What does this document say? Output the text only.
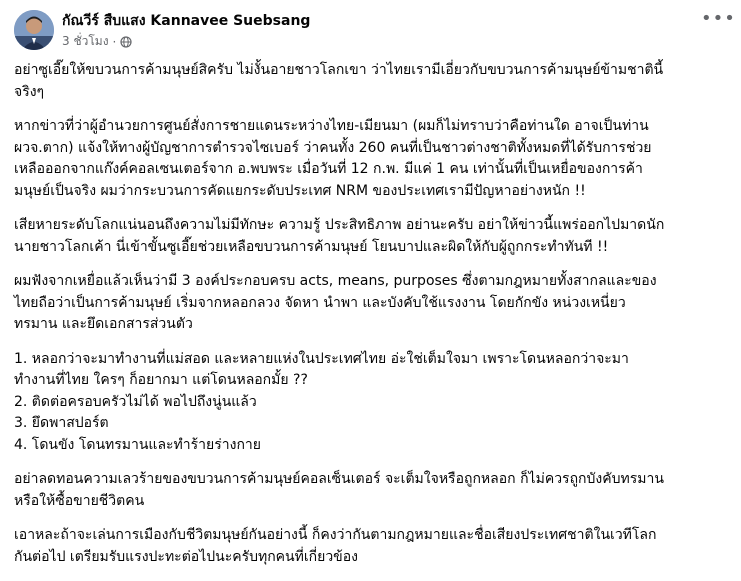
กัณวีร์ สืบแสง Kannavee Suebsang
3 ชั่วโมง ·
•••

อย่าซูเอี๊ยให้ขบวนการค้ามนุษย์สิครับ ไม่งั้นอายชาวโลกเขา ว่าไทยเรามีเอี่ยวกับขบวนการค้ามนุษย์ข้ามชาตินี้
จริงๆ

หากข่าวที่ว่าผู้อำนวยการศูนย์สั่งการชายแดนระหว่างไทย-เมียนมา (ผมก็ไม่ทราบว่าคือท่านใด อาจเป็นท่าน
ผวจ.ตาก) แจ้งให้ทางผู้บัญชาการตำรวจไซเบอร์ ว่าคนทั้ง 260 คนที่เป็นชาวต่างชาติทั้งหมดที่ได้รับการช่วย
เหลือออกจากแก๊งค์คอลเซนเตอร์จาก อ.พบพระ เมื่อวันที่ 12 ก.พ. มีแค่ 1 คน เท่านั้นที่เป็นเหยื่อของการค้า
มนุษย์เป็นจริง ผมว่ากระบวนการคัดแยกระดับประเทศ NRM ของประเทศเรามีปัญหาอย่างหนัก !!

เสียหายระดับโลกแน่นอนถึงความไม่มีทักษะ ความรู้ ประสิทธิภาพ อย่านะครับ อย่าให้ข่าวนี้แพร่ออกไปมาดนัก
นายชาวโลกเค้า นี่เข้าขั้นซูเอี๊ยช่วยเหลือขบวนการค้ามนุษย์ โยนบาปและผิดให้กับผู้ถูกกระทำทันที !!

ผมฟังจากเหยื่อแล้วเห็นว่ามี 3 องค์ประกอบครบ acts, means, purposes ซึ่งตามกฎหมายทั้งสากลและของ
ไทยถือว่าเป็นการค้ามนุษย์ เริ่มจากหลอกลวง จัดหา นำพา และบังคับใช้แรงงาน โดยกักขัง หน่วงเหนี่ยว
ทรมาน และยึดเอกสารส่วนตัว

1. หลอกว่าจะมาทำงานที่แม่สอด และหลายแห่งในประเทศไทย อ่ะใช่เต็มใจมา เพราะโดนหลอกว่าจะมา
ทำงานที่ไทย ใครๆ ก็อยากมา แต่โดนหลอกมั้ย ??
2. ติดต่อครอบครัวไม่ได้ พอไปถึงนู่นแล้ว
3. ยึดพาสปอร์ต
4. โดนขัง โดนทรมานและทำร้ายร่างกาย

อย่าลดทอนความเลวร้ายของขบวนการค้ามนุษย์คอลเซ็นเตอร์ จะเต็มใจหรือถูกหลอก ก็ไม่ควรถูกบังคับทรมาน
หรือให้ซื้อขายชีวิตคน

เอาหละถ้าจะเล่นการเมืองกับชีวิตมนุษย์กันอย่างนี้ ก็คงว่ากันตามกฎหมายและชื่อเสียงประเทศชาติในเวทีโลก
กันต่อไป เตรียมรับแรงปะทะต่อไปนะครับทุกคนที่เกี่ยวข้อง
